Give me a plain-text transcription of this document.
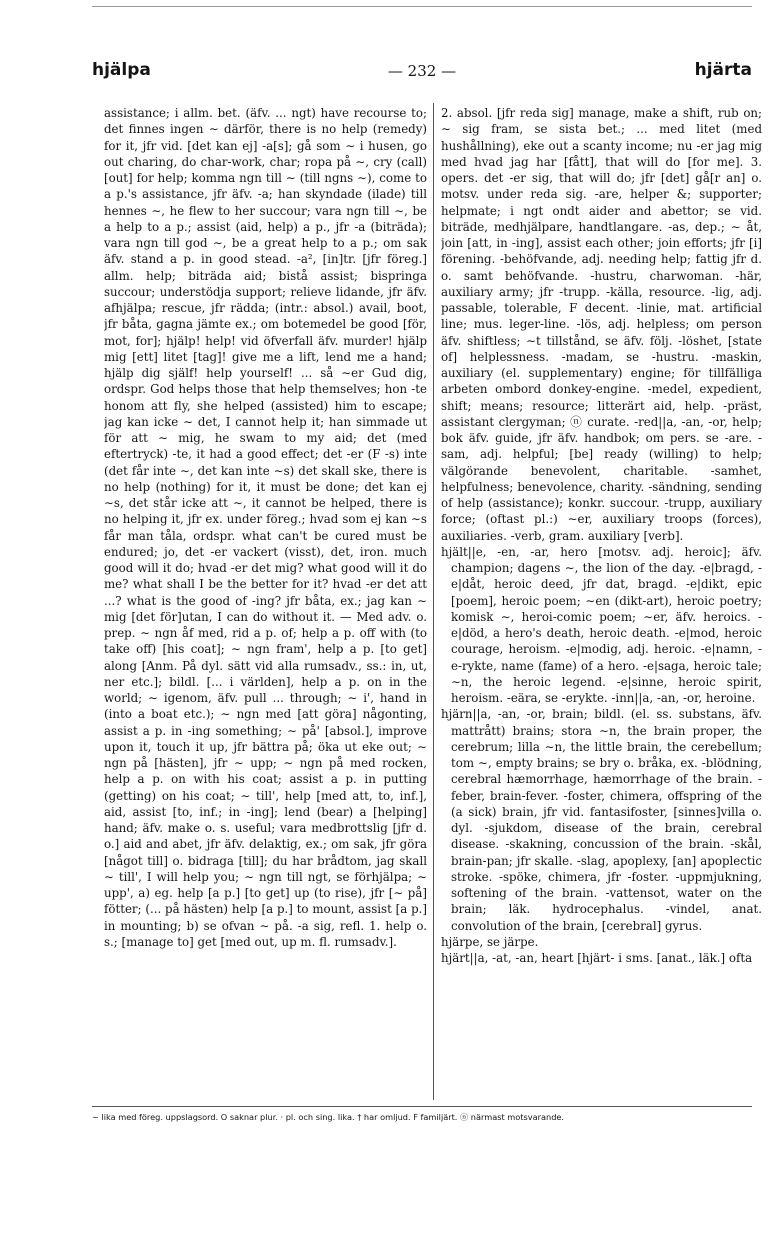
hjälpa	— 232 —	hjärta

assistance; i allm. bet. (äfv. ... ngt) have recourse to; det finnes ingen ∼ därför, there is no help (remedy) for it, jfr vid. [det kan ej] -a[s]; gå som ∼ i husen, go out charing, do char-work, char; ropa på ∼, cry (call) [out] for help; komma ngn till ∼ (till ngns ∼), come to a p.'s assistance, jfr äfv. -a; han skyndade (ilade) till hennes ∼, he flew to her succour; vara ngn till ∼, be a help to a p.; assist (aid, help) a p., jfr -a (biträda); vara ngn till god ∼, be a great help to a p.; om sak äfv. stand a p. in good stead. -a², [in]tr. [jfr föreg.] allm. help; biträda aid; bistå assist; bispringa succour; understödja support; relieve lidande, jfr äfv. afhjälpa; rescue, jfr rädda; (intr.: absol.) avail, boot, jfr båta, gagna jämte ex.; om botemedel be good [för, mot, for]; hjälp! help! vid öfverfall äfv. murder! hjälp mig [ett] litet [tag]! give me a lift, lend me a hand; hjälp dig själf! help yourself! ... så ∼er Gud dig, ordspr. God helps those that help themselves; hon -te honom att fly, she helped (assisted) him to escape; jag kan icke ∼ det, I cannot help it; han simmade ut för att ∼ mig, he swam to my aid; det (med eftertryck) -te, it had a good effect; det -er (F -s) inte (det får inte ∼, det kan inte ∼s) det skall ske, there is no help (nothing) for it, it must be done; det kan ej ∼s, det står icke att ∼, it cannot be helped, there is no helping it, jfr ex. under föreg.; hvad som ej kan ∼s får man tåla, ordspr. what can't be cured must be endured; jo, det -er vackert (visst), det, iron. much good will it do; hvad -er det mig? what good will it do me? what shall I be the better for it? hvad -er det att ...? what is the good of -ing? jfr båta, ex.; jag kan ∼ mig [det för]utan, I can do without it. — Med adv. o. prep. ∼ ngn åf med, rid a p. of; help a p. off with (to take off) [his coat]; ∼ ngn fram', help a p. [to get] along [Anm. På dyl. sätt vid alla rumsadv., ss.: in, ut, ner etc.]; bildl. [... i världen], help a p. on in the world; ∼ igenom, äfv. pull ... through; ∼ i', hand in (into a boat etc.); ∼ ngn med [att göra] någonting, assist a p. in -ing something; ∼ på' [absol.], improve upon it, touch it up, jfr bättra på; öka ut eke out; ∼ ngn på [hästen], jfr ∼ upp; ∼ ngn på med rocken, help a p. on with his coat; assist a p. in putting (getting) on his coat; ∼ till', help [med att, to, inf.], aid, assist [to, inf.; in -ing]; lend (bear) a [helping] hand; äfv. make o. s. useful; vara medbrottslig [jfr d. o.] aid and abet, jfr äfv. delaktig, ex.; om sak, jfr göra [något till] o. bidraga [till]; du har brådtom, jag skall ∼ till', I will help you; ∼ ngn till ngt, se förhjälpa; ∼ upp', a) eg. help [a p.] [to get] up (to rise), jfr [∼ på] fötter; (... på hästen) help [a p.] to mount, assist [a p.] in mounting; b) se ofvan ∼ på. -a sig, refl. 1. help o. s.; [manage to] get [med out, up m. fl. rumsadv.].

2. absol. [jfr reda sig] manage, make a shift, rub on; ∼ sig fram, se sista bet.; ... med litet (med hushållning), eke out a scanty income; nu -er jag mig med hvad jag har [fått], that will do [for me]. 3. opers. det -er sig, that will do; jfr [det] gå[r an] o. motsv. under reda sig. -are, helper &; supporter; helpmate; i ngt ondt aider and abettor; se vid. biträde, medhjälpare, handtlangare. -as, dep.; ∼ åt, join [att, in -ing], assist each other; join efforts; jfr [i] förening. -behöfvande, adj. needing help; fattig jfr d. o. samt behöfvande. -hustru, charwoman. -här, auxiliary army; jfr -trupp. -källa, resource. -lig, adj. passable, tolerable, F decent. -linie, mat. artificial line; mus. leger-line. -lös, adj. helpless; om person äfv. shiftless; ∼t tillstånd, se äfv. följ. -löshet, [state of] helplessness. -madam, se -hustru. -maskin, auxiliary (el. supplementary) engine; för tillfälliga arbeten ombord donkey-engine. -medel, expedient, shift; means; resource; litterärt aid, help. -präst, assistant clergyman; ⓝ curate. -red||a, -an, -or, help; bok äfv. guide, jfr äfv. handbok; om pers. se -are. -sam, adj. helpful; [be] ready (willing) to help; välgörande benevolent, charitable. -samhet, helpfulness; benevolence, charity. -sändning, sending of help (assistance); konkr. succour. -trupp, auxiliary force; (oftast pl.:) ∼er, auxiliary troops (forces), auxiliaries. -verb, gram. auxiliary [verb].

hjält||e, -en, -ar, hero [motsv. adj. heroic]; äfv. champion; dagens ∼, the lion of the day. -e|bragd, -e|dåt, heroic deed, jfr dat, bragd. -e|dikt, epic [poem], heroic poem; ∼en (dikt-art), heroic poetry; komisk ∼, heroi-comic poem; ∼er, äfv. heroics. -e|död, a hero's death, heroic death. -e|mod, heroic courage, heroism. -e|modig, adj. heroic. -e|namn, -e-rykte, name (fame) of a hero. -e|saga, heroic tale; ∼n, the heroic legend. -e|sinne, heroic spirit, heroism. -eära, se -erykte. -inn||a, -an, -or, heroine.

hjärn||a, -an, -or, brain; bildl. (el. ss. substans, äfv. mattrått) brains; stora ∼n, the brain proper, the cerebrum; lilla ∼n, the little brain, the cerebellum; tom ∼, empty brains; se bry o. bråka, ex. -blödning, cerebral hæmorrhage, hæmorrhage of the brain. -feber, brain-fever. -foster, chimera, offspring of the (a sick) brain, jfr vid. fantasifoster, [sinnes]villa o. dyl. -sjukdom, disease of the brain, cerebral disease. -skakning, concussion of the brain. -skål, brain-pan; jfr skalle. -slag, apoplexy, [an] apoplectic stroke. -spöke, chimera, jfr -foster. -uppmjukning, softening of the brain. -vattensot, water on the brain; läk. hydrocephalus. -vindel, anat. convolution of the brain, [cerebral] gyrus.

hjärpe, se järpe.

hjärt||a, -at, -an, heart [hjärt- i sms. [anat., läk.] ofta

∼ lika med föreg. uppslagsord. O saknar plur. · pl. och sing. lika. † har omljud. F familjärt. ⓝ närmast motsvarande.
